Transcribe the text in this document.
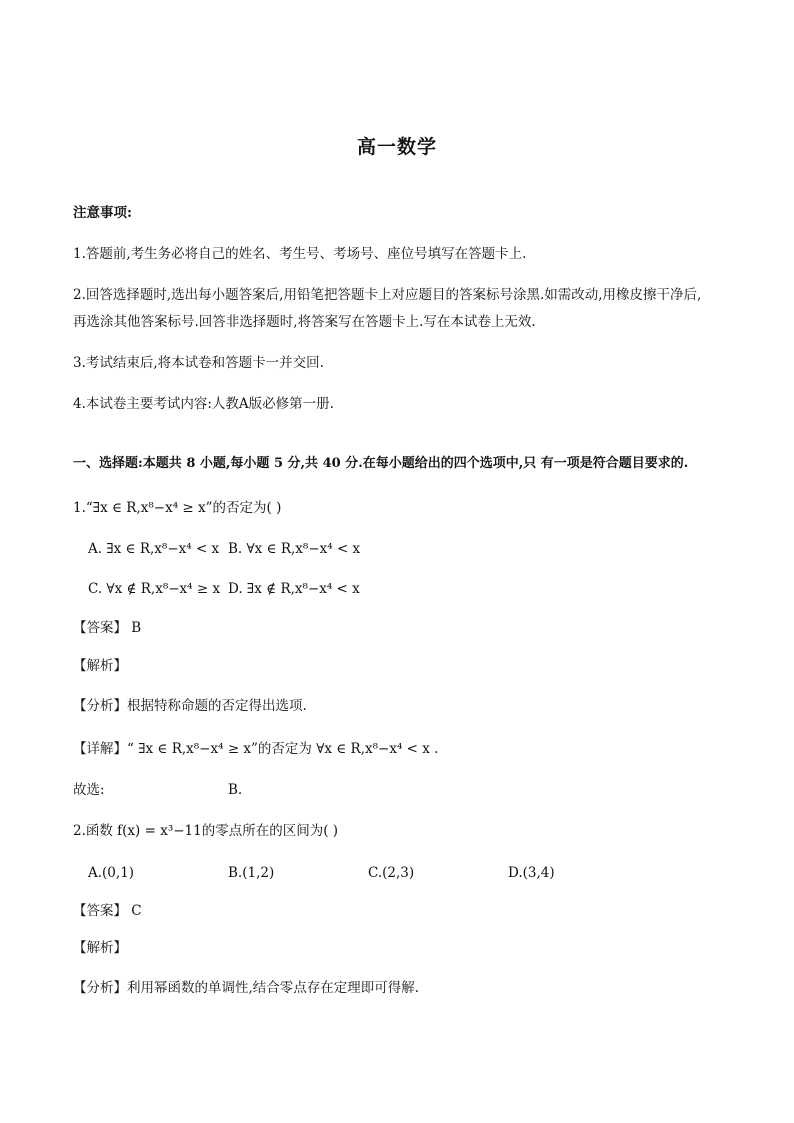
高一数学
注意事项:
1.答题前,考生务必将自己的姓名、考生号、考场号、座位号填写在答题卡上.
2.回答选择题时,选出每小题答案后,用铅笔把答题卡上对应题目的答案标号涂黑.如需改动,用橡皮擦干净后,
再选涂其他答案标号.回答非选择题时,将答案写在答题卡上.写在本试卷上无效.
3.考试结束后,将本试卷和答题卡一并交回.
4.本试卷主要考试内容:人教A版必修第一册.
一、选择题:本题共 8 小题,每小题 5 分,共 40 分.在每小题给出的四个选项中,只 有一项是符合题目要求的.
1.“∃x ∈ R,x⁸−x⁴ ≥ x”的否定为( )
A. ∃x ∈ R,x⁸−x⁴ < x B. ∀x ∈ R,x⁸−x⁴ < x
C. ∀x ∉ R,x⁸−x⁴ ≥ x D. ∃x ∉ R,x⁸−x⁴ < x
【答案】 B
【解析】
【分析】根据特称命题的否定得出选项.
【详解】“ ∃x ∈ R,x⁸−x⁴ ≥ x”的否定为 ∀x ∈ R,x⁸−x⁴ < x .
故选:	B.
2.函数 f(x) = x³−11的零点所在的区间为( )
A.(0,1)	B.(1,2)	C.(2,3)	D.(3,4)
【答案】 C
【解析】
【分析】利用幂函数的单调性,结合零点存在定理即可得解.
